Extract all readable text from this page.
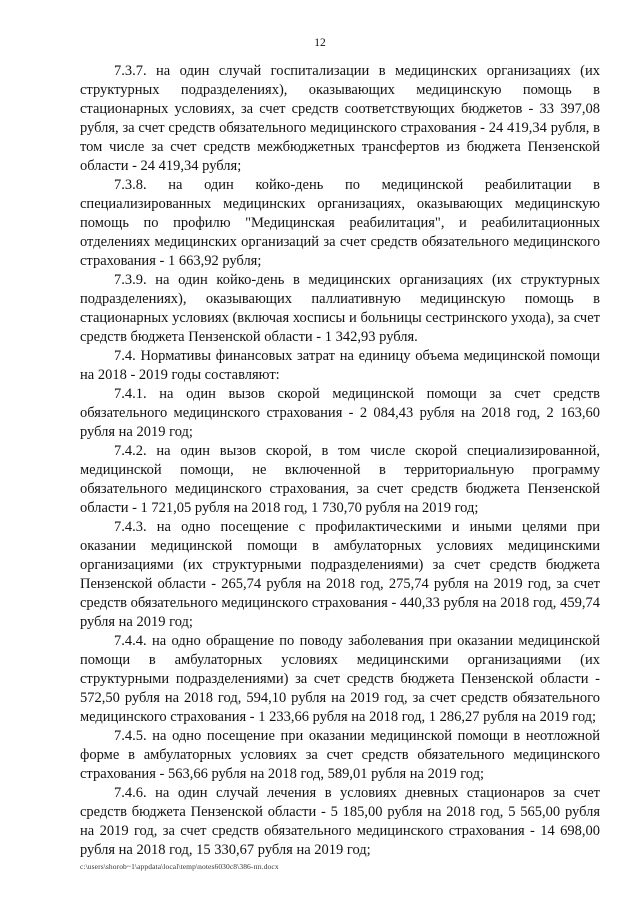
12

7.3.7. на один случай госпитализации в медицинских организациях (их структурных подразделениях), оказывающих медицинскую помощь в стационарных условиях, за счет средств соответствующих бюджетов - 33 397,08 рубля, за счет средств обязательного медицинского страхования - 24 419,34 рубля, в том числе за счет средств межбюджетных трансфертов из бюджета Пензенской области - 24 419,34 рубля;

7.3.8. на один койко-день по медицинской реабилитации в специализированных медицинских организациях, оказывающих медицинскую помощь по профилю "Медицинская реабилитация", и реабилитационных отделениях медицинских организаций за счет средств обязательного медицинского страхования - 1 663,92 рубля;

7.3.9. на один койко-день в медицинских организациях (их структурных подразделениях), оказывающих паллиативную медицинскую помощь в стационарных условиях (включая хосписы и больницы сестринского ухода), за счет средств бюджета Пензенской области - 1 342,93 рубля.

7.4. Нормативы финансовых затрат на единицу объема медицинской помощи на 2018 - 2019 годы составляют:

7.4.1. на один вызов скорой медицинской помощи за счет средств обязательного медицинского страхования - 2 084,43 рубля на 2018 год, 2 163,60 рубля на 2019 год;

7.4.2. на один вызов скорой, в том числе скорой специализированной, медицинской помощи, не включенной в территориальную программу обязательного медицинского страхования, за счет средств бюджета Пензенской области - 1 721,05 рубля на 2018 год, 1 730,70 рубля на 2019 год;

7.4.3. на одно посещение с профилактическими и иными целями при оказании медицинской помощи в амбулаторных условиях медицинскими организациями (их структурными подразделениями) за счет средств бюджета Пензенской области - 265,74 рубля на 2018 год, 275,74 рубля на 2019 год, за счет средств обязательного медицинского страхования - 440,33 рубля на 2018 год, 459,74 рубля на 2019 год;

7.4.4. на одно обращение по поводу заболевания при оказании медицинской помощи в амбулаторных условиях медицинскими организациями (их структурными подразделениями) за счет средств бюджета Пензенской области - 572,50 рубля на 2018 год, 594,10 рубля на 2019 год, за счет средств обязательного медицинского страхования - 1 233,66 рубля на 2018 год, 1 286,27 рубля на 2019 год;

7.4.5. на одно посещение при оказании медицинской помощи в неотложной форме в амбулаторных условиях за счет средств обязательного медицинского страхования - 563,66 рубля на 2018 год, 589,01 рубля на 2019 год;

7.4.6. на один случай лечения в условиях дневных стационаров за счет средств бюджета Пензенской области - 5 185,00 рубля на 2018 год, 5 565,00 рубля на 2019 год, за счет средств обязательного медицинского страхования - 14 698,00 рубля на 2018 год, 15 330,67 рубля на 2019 год;

c:\users\shorob~1\appdata\local\temp\notes6030c8\386-пп.docx
